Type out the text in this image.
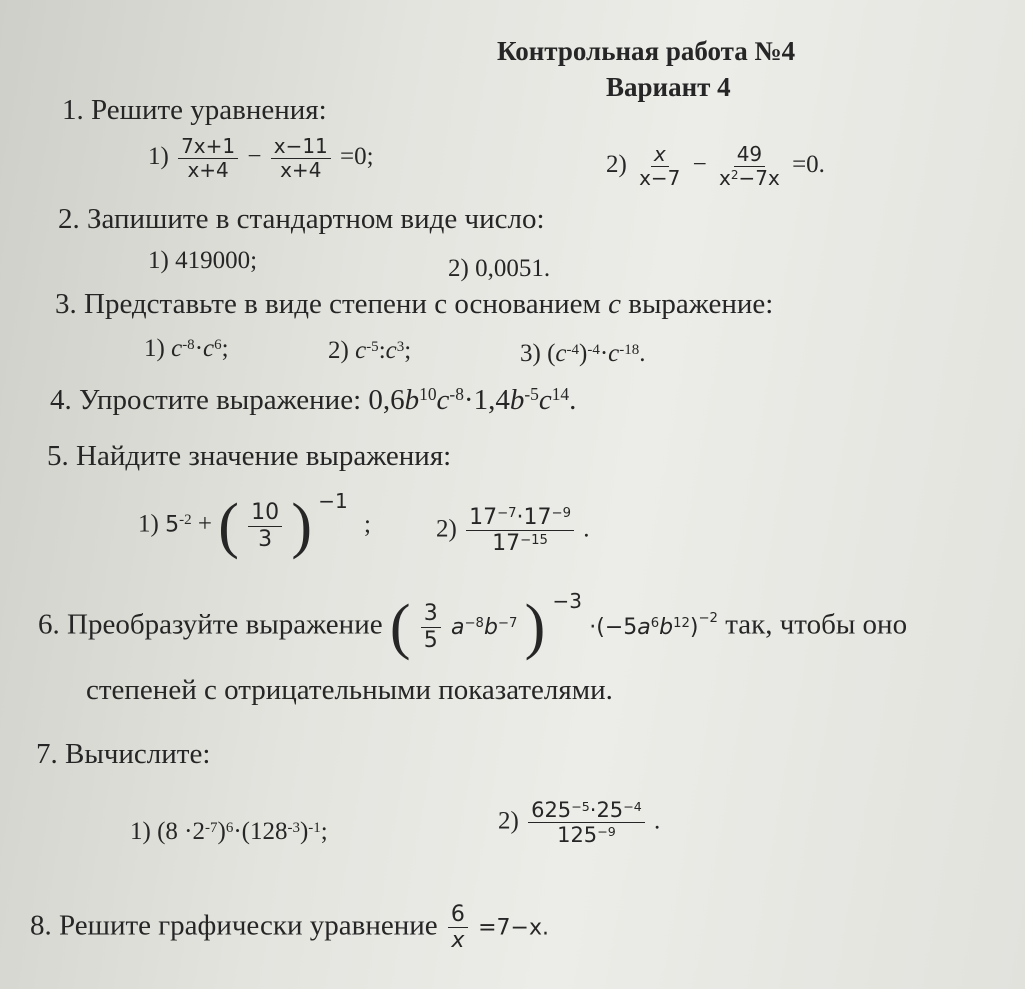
Контрольная работа №4
Вариант 4
1. Решите уравнения:
$1) \frac{7x+1}{x+4} - \frac{x-11}{x+4} =0$;	$2) \frac{x}{x-7} - \frac{49}{x^2-7x} =0$.
2. Запишите в стандартном виде число:
1) 419000;	2) 0,0051.
3. Представьте в виде степени с основанием с выражение:
1) $c^{-8}\cdot c^6$;	2) $c^{-5}:c^3$;	3) $(c^{-4})^{-4}\cdot c^{-18}$.
4. Упростите выражение: $0,6b^{10}c^{-8}\cdot 1,4b^{-5}c^{14}$.
5. Найдите значение выражения:
1) $5^{-2}$ + ( $\frac{10}{3}$ ) $^{-1}$ ;	$2) \frac{17^{-7}\cdot 17^{-9}}{17^{-15}}$ .
6. Преобразуйте выражение ( $\frac{3}{5} a^{-8}b^{-7}$ ) $^{-3} \cdot(-5a^6b^{12})^{-2}$ так, чтобы оно
степеней с отрицательными показателями.
7. Вычислите:
1) $(8 \cdot 2^{-7})^6\cdot(128^{-3})^{-1}$;	$2) \frac{625^{-5}\cdot 25^{-4}}{125^{-9}}$ .
8. Решите графически уравнение $\frac{6}{x} =7-x$.
